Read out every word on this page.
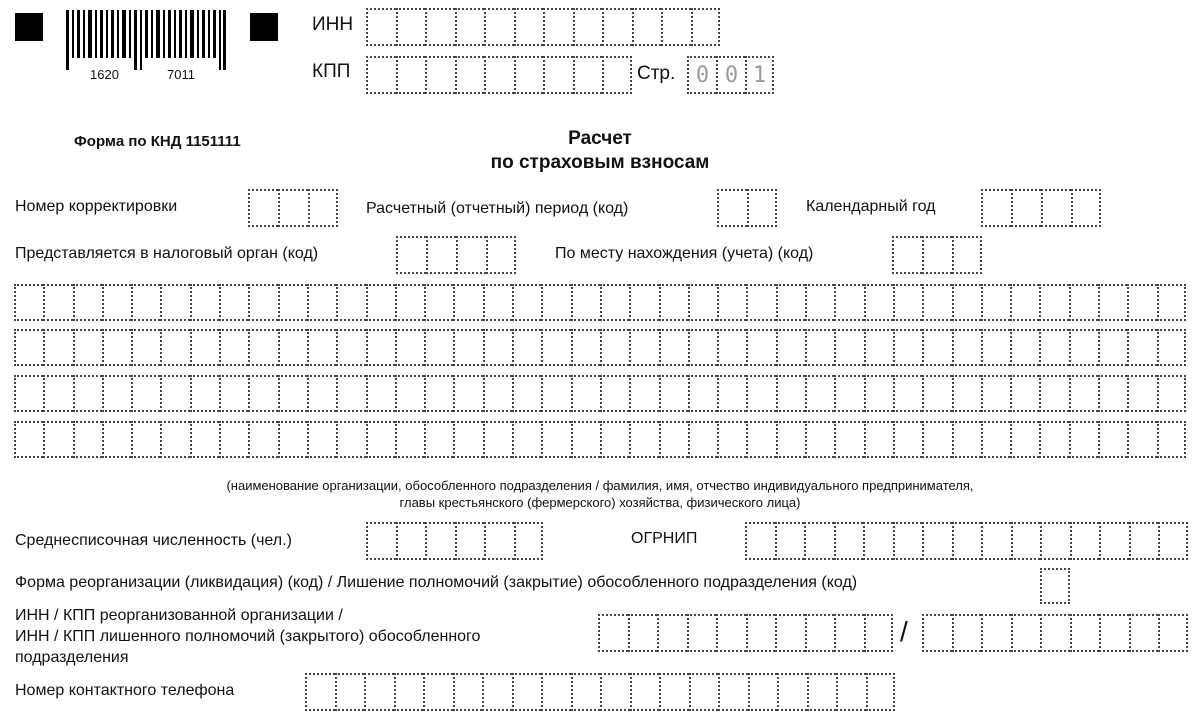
1620	7011
ИНН
КПП	Стр. 0 0 1
Форма по КНД 1151111	Расчет
по страховым взносам
Номер корректировки	Расчетный (отчетный) период (код)	Календарный год
Представляется в налоговый орган (код)	По месту нахождения (учета) (код)
(наименование организации, обособленного подразделения / фамилия, имя, отчество индивидуального предпринимателя,
главы крестьянского (фермерского) хозяйства, физического лица)
Среднесписочная численность (чел.)	ОГРНИП
Форма реорганизации (ликвидация) (код) / Лишение полномочий (закрытие) обособленного подразделения (код)
ИНН / КПП реорганизованной организации /
ИНН / КПП лишенного полномочий (закрытого) обособленного
подразделения
/
Номер контактного телефона
